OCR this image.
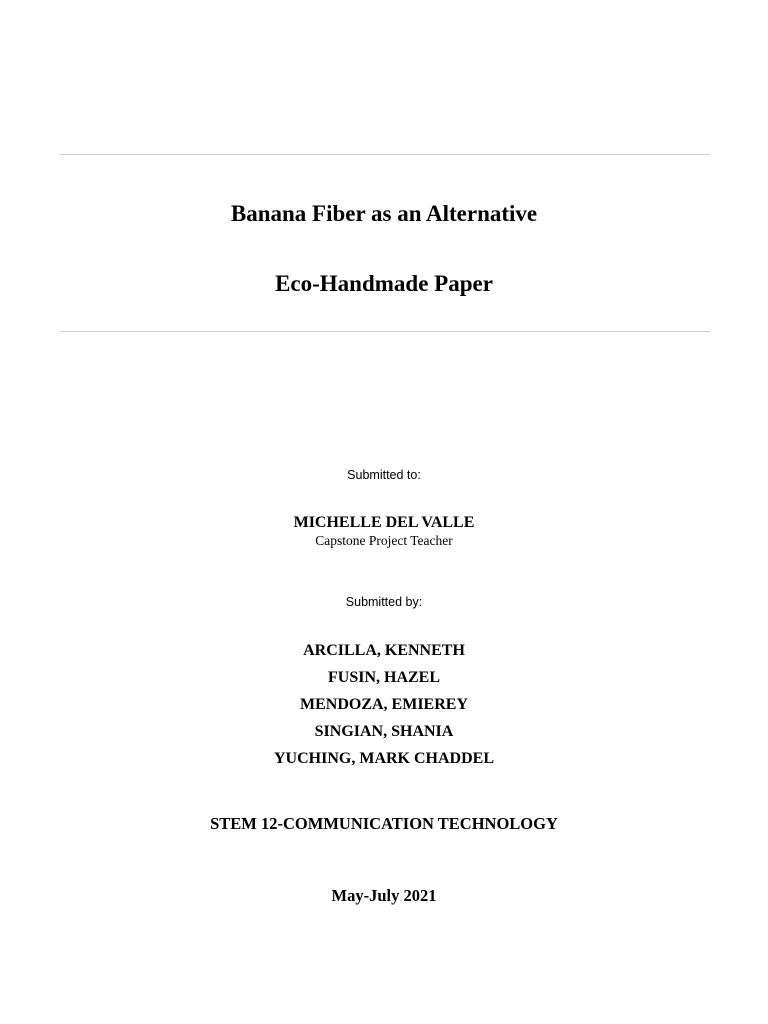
Banana Fiber as an Alternative
Eco-Handmade Paper
Submitted to:
MICHELLE DEL VALLE
Capstone Project Teacher
Submitted by:
ARCILLA, KENNETH
FUSIN, HAZEL
MENDOZA, EMIEREY
SINGIAN, SHANIA
YUCHING, MARK CHADDEL
STEM 12-COMMUNICATION TECHNOLOGY
May-July 2021
